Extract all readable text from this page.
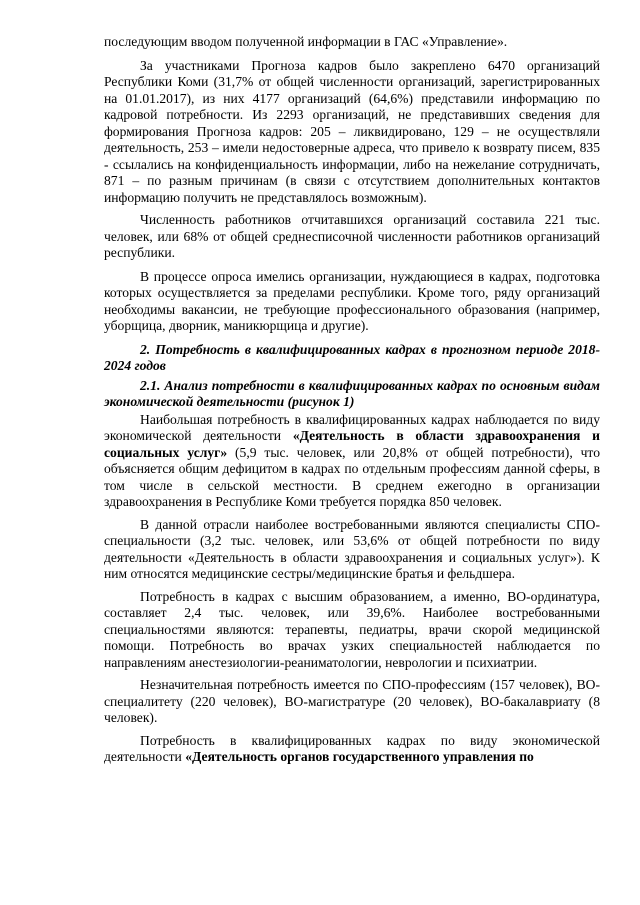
последующим вводом полученной информации в ГАС «Управление».

За участниками Прогноза кадров было закреплено 6470 организаций Республики Коми (31,7% от общей численности организаций, зарегистрированных на 01.01.2017), из них 4177 организаций (64,6%) представили информацию по кадровой потребности. Из 2293 организаций, не представивших сведения для формирования Прогноза кадров: 205 – ликвидировано, 129 – не осуществляли деятельность, 253 – имели недостоверные адреса, что привело к возврату писем, 835 - ссылались на конфиденциальность информации, либо на нежелание сотрудничать, 871 – по разным причинам (в связи с отсутствием дополнительных контактов информацию получить не представлялось возможным).

Численность работников отчитавшихся организаций составила 221 тыс. человек, или 68% от общей среднесписочной численности работников организаций республики.

В процессе опроса имелись организации, нуждающиеся в кадрах, подготовка которых осуществляется за пределами республики. Кроме того, ряду организаций необходимы вакансии, не требующие профессионального образования (например, уборщица, дворник, маникюрщица и другие).

2. Потребность в квалифицированных кадрах в прогнозном периоде 2018-2024 годов

2.1. Анализ потребности в квалифицированных кадрах по основным видам экономической деятельности (рисунок 1)

Наибольшая потребность в квалифицированных кадрах наблюдается по виду экономической деятельности «Деятельность в области здравоохранения и социальных услуг» (5,9 тыс. человек, или 20,8% от общей потребности), что объясняется общим дефицитом в кадрах по отдельным профессиям данной сферы, в том числе в сельской местности. В среднем ежегодно в организации здравоохранения в Республике Коми требуется порядка 850 человек.

В данной отрасли наиболее востребованными являются специалисты СПО-специальности (3,2 тыс. человек, или 53,6% от общей потребности по виду деятельности «Деятельность в области здравоохранения и социальных услуг»). К ним относятся медицинские сестры/медицинские братья и фельдшера.

Потребность в кадрах с высшим образованием, а именно, ВО-ординатура, составляет 2,4 тыс. человек, или 39,6%. Наиболее востребованными специальностями являются: терапевты, педиатры, врачи скорой медицинской помощи. Потребность во врачах узких специальностей наблюдается по направлениям анестезиологии-реаниматологии, неврологии и психиатрии.

Незначительная потребность имеется по СПО-профессиям (157 человек), ВО-специалитету (220 человек), ВО-магистратуре (20 человек), ВО-бакалавриату (8 человек).

Потребность в квалифицированных кадрах по виду экономической деятельности «Деятельность органов государственного управления по
